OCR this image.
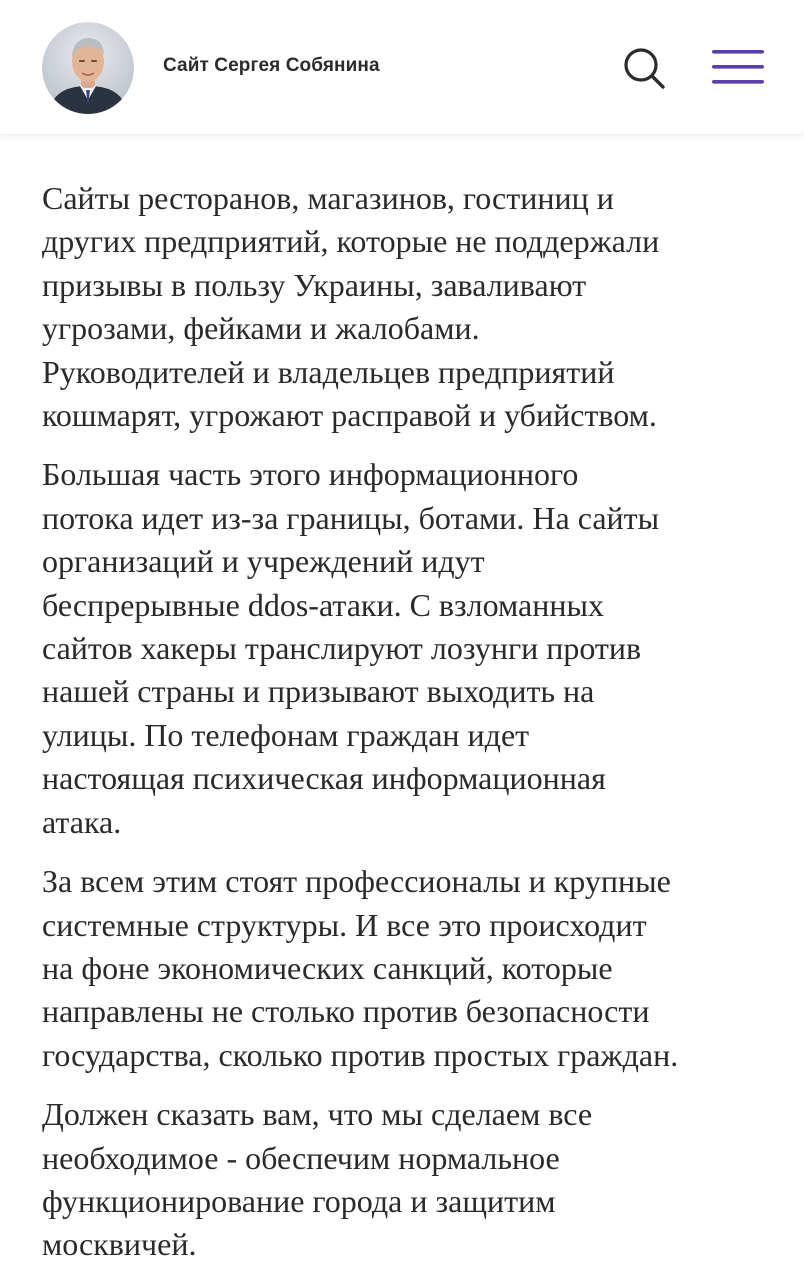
Сайт Сергея Собянина

Сайты ресторанов, магазинов, гостиниц и
других предприятий, которые не поддержали
призывы в пользу Украины, заваливают
угрозами, фейками и жалобами.
Руководителей и владельцев предприятий
кошмарят, угрожают расправой и убийством.

Большая часть этого информационного
потока идет из-за границы, ботами. На сайты
организаций и учреждений идут
беспрерывные ddos-атаки. С взломанных
сайтов хакеры транслируют лозунги против
нашей страны и призывают выходить на
улицы. По телефонам граждан идет
настоящая психическая информационная
атака.

За всем этим стоят профессионалы и крупные
системные структуры. И все это происходит
на фоне экономических санкций, которые
направлены не столько против безопасности
государства, сколько против простых граждан.

Должен сказать вам, что мы сделаем все
необходимое - обеспечим нормальное
функционирование города и защитим
москвичей.
